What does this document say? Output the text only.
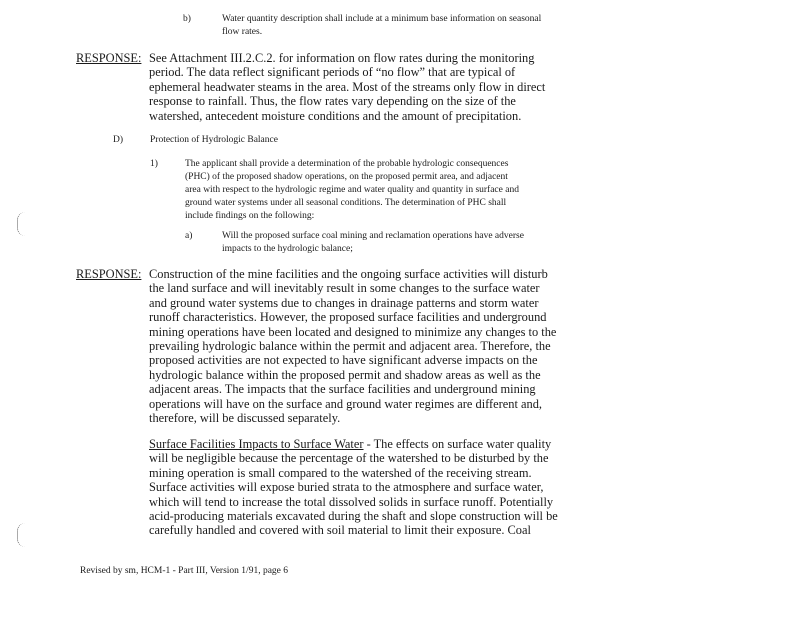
b)	Water quantity description shall include at a minimum base information on seasonal flow rates.
RESPONSE: See Attachment III.2.C.2. for information on flow rates during the monitoring
period. The data reflect significant periods of “no flow” that are typical of
ephemeral headwater steams in the area. Most of the streams only flow in direct
response to rainfall. Thus, the flow rates vary depending on the size of the
watershed, antecedent moisture conditions and the amount of precipitation.
D)	Protection of Hydrologic Balance
1)	The applicant shall provide a determination of the probable hydrologic consequences
(PHC) of the proposed shadow operations, on the proposed permit area, and adjacent
area with respect to the hydrologic regime and water quality and quantity in surface and
ground water systems under all seasonal conditions. The determination of PHC shall
include findings on the following:
a)	Will the proposed surface coal mining and reclamation operations have adverse
impacts to the hydrologic balance;
RESPONSE: Construction of the mine facilities and the ongoing surface activities will disturb
the land surface and will inevitably result in some changes to the surface water
and ground water systems due to changes in drainage patterns and storm water
runoff characteristics. However, the proposed surface facilities and underground
mining operations have been located and designed to minimize any changes to the
prevailing hydrologic balance within the permit and adjacent area. Therefore, the
proposed activities are not expected to have significant adverse impacts on the
hydrologic balance within the proposed permit and shadow areas as well as the
adjacent areas. The impacts that the surface facilities and underground mining
operations will have on the surface and ground water regimes are different and,
therefore, will be discussed separately.
Surface Facilities Impacts to Surface Water - The effects on surface water quality
will be negligible because the percentage of the watershed to be disturbed by the
mining operation is small compared to the watershed of the receiving stream.
Surface activities will expose buried strata to the atmosphere and surface water,
which will tend to increase the total dissolved solids in surface runoff. Potentially
acid-producing materials excavated during the shaft and slope construction will be
carefully handled and covered with soil material to limit their exposure. Coal
Revised by sm, HCM-1 - Part III, Version 1/91, page 6
